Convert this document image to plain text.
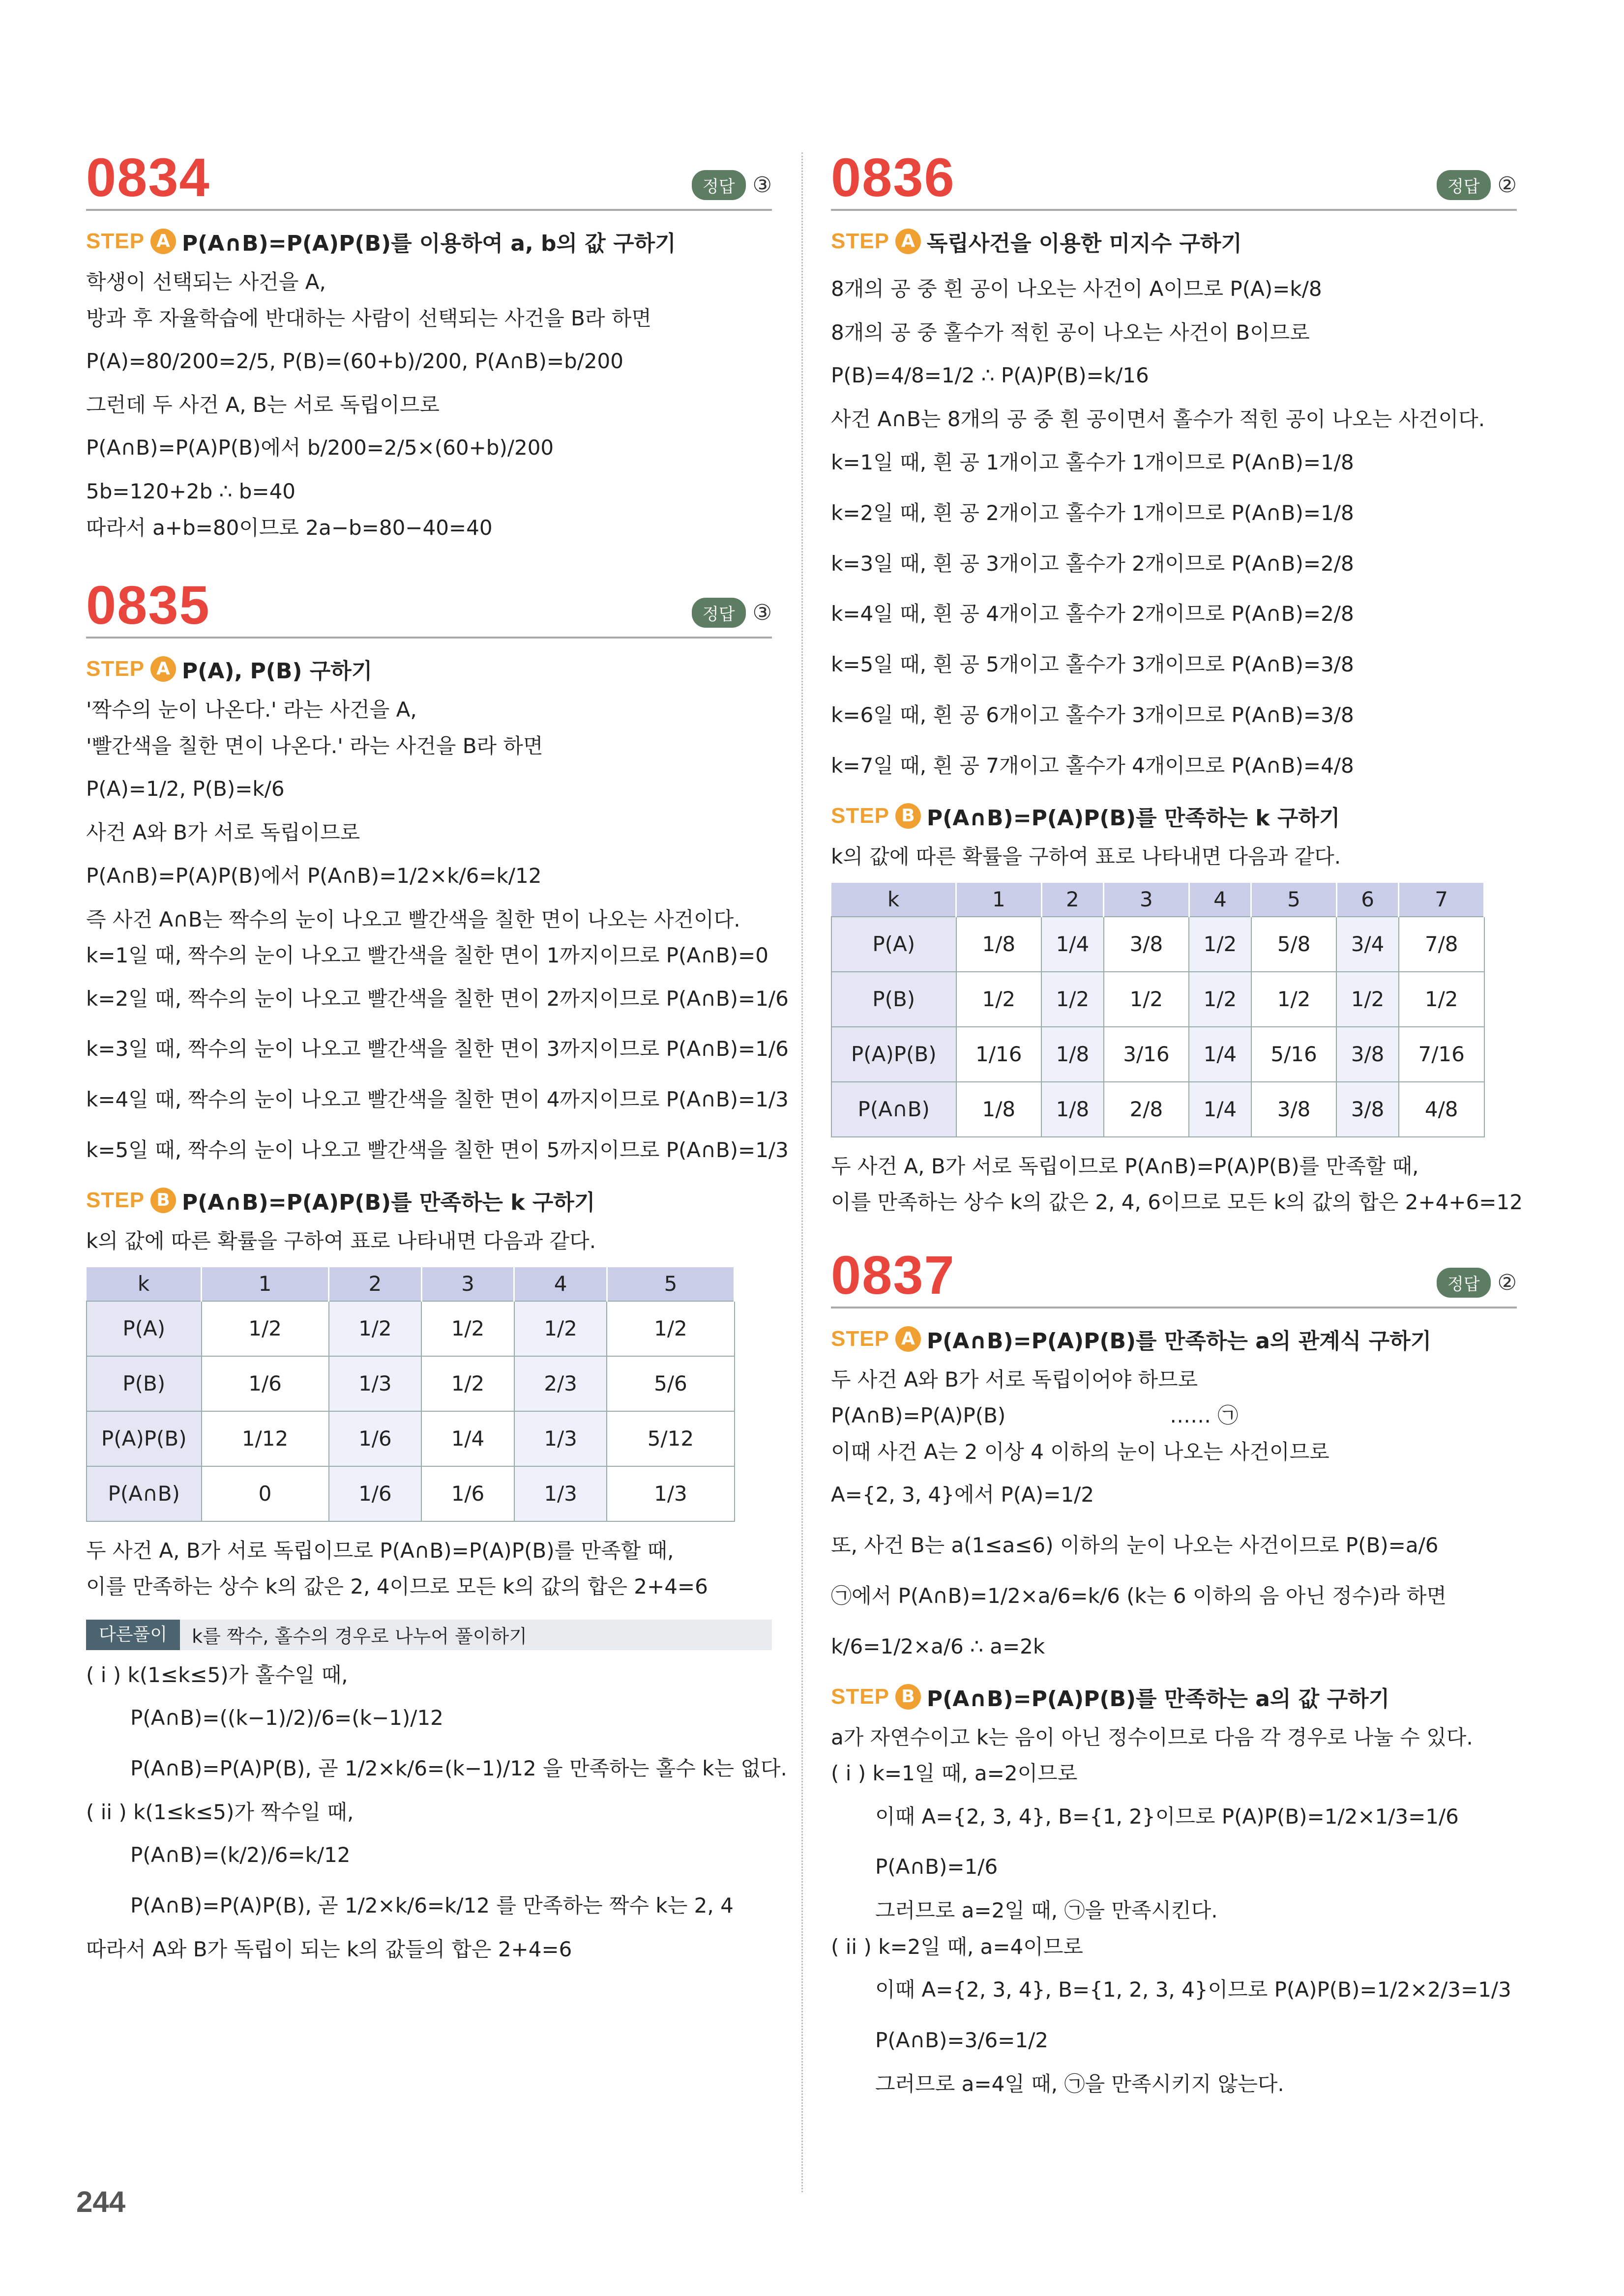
0834	정답 ③
STEP A P(A∩B)=P(A)P(B)를 이용하여 a, b의 값 구하기
학생이 선택되는 사건을 A,
방과 후 자율학습에 반대하는 사람이 선택되는 사건을 B라 하면
P(A)=80/200=2/5, P(B)=(60+b)/200, P(A∩B)=b/200
그런데 두 사건 A, B는 서로 독립이므로
P(A∩B)=P(A)P(B)에서 b/200=2/5×(60+b)/200
5b=120+2b ∴ b=40
따라서 a+b=80이므로 2a−b=80−40=40
0835	정답 ③
STEP A P(A), P(B) 구하기
'짝수의 눈이 나온다.' 라는 사건을 A,
'빨간색을 칠한 면이 나온다.' 라는 사건을 B라 하면
P(A)=1/2, P(B)=k/6
사건 A와 B가 서로 독립이므로
P(A∩B)=P(A)P(B)에서 P(A∩B)=1/2×k/6=k/12
즉 사건 A∩B는 짝수의 눈이 나오고 빨간색을 칠한 면이 나오는 사건이다.
k=1일 때, 짝수의 눈이 나오고 빨간색을 칠한 면이 1까지이므로 P(A∩B)=0
k=2일 때, 짝수의 눈이 나오고 빨간색을 칠한 면이 2까지이므로 P(A∩B)=1/6
k=3일 때, 짝수의 눈이 나오고 빨간색을 칠한 면이 3까지이므로 P(A∩B)=1/6
k=4일 때, 짝수의 눈이 나오고 빨간색을 칠한 면이 4까지이므로 P(A∩B)=1/3
k=5일 때, 짝수의 눈이 나오고 빨간색을 칠한 면이 5까지이므로 P(A∩B)=1/3
STEP B P(A∩B)=P(A)P(B)를 만족하는 k 구하기
k의 값에 따른 확률을 구하여 표로 나타내면 다음과 같다.
k	1	2	3	4	5
P(A)	1/2	1/2	1/2	1/2	1/2
P(B)	1/6	1/3	1/2	2/3	5/6
P(A)P(B)	1/12	1/6	1/4	1/3	5/12
P(A∩B)	0	1/6	1/6	1/3	1/3
두 사건 A, B가 서로 독립이므로 P(A∩B)=P(A)P(B)를 만족할 때,
이를 만족하는 상수 k의 값은 2, 4이므로 모든 k의 값의 합은 2+4=6
다른풀이	k를 짝수, 홀수의 경우로 나누어 풀이하기
( i ) k(1≤k≤5)가 홀수일 때,
P(A∩B)=((k−1)/2)/6=(k−1)/12
P(A∩B)=P(A)P(B), 곧 1/2×k/6=(k−1)/12 을 만족하는 홀수 k는 없다.
( ii ) k(1≤k≤5)가 짝수일 때,
P(A∩B)=(k/2)/6=k/12
P(A∩B)=P(A)P(B), 곧 1/2×k/6=k/12 를 만족하는 짝수 k는 2, 4
따라서 A와 B가 독립이 되는 k의 값들의 합은 2+4=6
0836	정답 ②
STEP A 독립사건을 이용한 미지수 구하기
8개의 공 중 흰 공이 나오는 사건이 A이므로 P(A)=k/8
8개의 공 중 홀수가 적힌 공이 나오는 사건이 B이므로
P(B)=4/8=1/2 ∴ P(A)P(B)=k/16
사건 A∩B는 8개의 공 중 흰 공이면서 홀수가 적힌 공이 나오는 사건이다.
k=1일 때, 흰 공 1개이고 홀수가 1개이므로 P(A∩B)=1/8
k=2일 때, 흰 공 2개이고 홀수가 1개이므로 P(A∩B)=1/8
k=3일 때, 흰 공 3개이고 홀수가 2개이므로 P(A∩B)=2/8
k=4일 때, 흰 공 4개이고 홀수가 2개이므로 P(A∩B)=2/8
k=5일 때, 흰 공 5개이고 홀수가 3개이므로 P(A∩B)=3/8
k=6일 때, 흰 공 6개이고 홀수가 3개이므로 P(A∩B)=3/8
k=7일 때, 흰 공 7개이고 홀수가 4개이므로 P(A∩B)=4/8
STEP B P(A∩B)=P(A)P(B)를 만족하는 k 구하기
k의 값에 따른 확률을 구하여 표로 나타내면 다음과 같다.
k	1	2	3	4	5	6	7
P(A)	1/8	1/4	3/8	1/2	5/8	3/4	7/8
P(B)	1/2	1/2	1/2	1/2	1/2	1/2	1/2
P(A)P(B)	1/16	1/8	3/16	1/4	5/16	3/8	7/16
P(A∩B)	1/8	1/8	2/8	1/4	3/8	3/8	4/8
두 사건 A, B가 서로 독립이므로 P(A∩B)=P(A)P(B)를 만족할 때,
이를 만족하는 상수 k의 값은 2, 4, 6이므로 모든 k의 값의 합은 2+4+6=12
0837	정답 ②
STEP A P(A∩B)=P(A)P(B)를 만족하는 a의 관계식 구하기
두 사건 A와 B가 서로 독립이어야 하므로
P(A∩B)=P(A)P(B)                         …… ㉠
이때 사건 A는 2 이상 4 이하의 눈이 나오는 사건이므로
A={2, 3, 4}에서 P(A)=1/2
또, 사건 B는 a(1≤a≤6) 이하의 눈이 나오는 사건이므로 P(B)=a/6
㉠에서 P(A∩B)=1/2×a/6=k/6 (k는 6 이하의 음 아닌 정수)라 하면
k/6=1/2×a/6 ∴ a=2k
STEP B P(A∩B)=P(A)P(B)를 만족하는 a의 값 구하기
a가 자연수이고 k는 음이 아닌 정수이므로 다음 각 경우로 나눌 수 있다.
( i ) k=1일 때, a=2이므로
이때 A={2, 3, 4}, B={1, 2}이므로 P(A)P(B)=1/2×1/3=1/6
P(A∩B)=1/6
그러므로 a=2일 때, ㉠을 만족시킨다.
( ii ) k=2일 때, a=4이므로
이때 A={2, 3, 4}, B={1, 2, 3, 4}이므로 P(A)P(B)=1/2×2/3=1/3
P(A∩B)=3/6=1/2
그러므로 a=4일 때, ㉠을 만족시키지 않는다.
244
